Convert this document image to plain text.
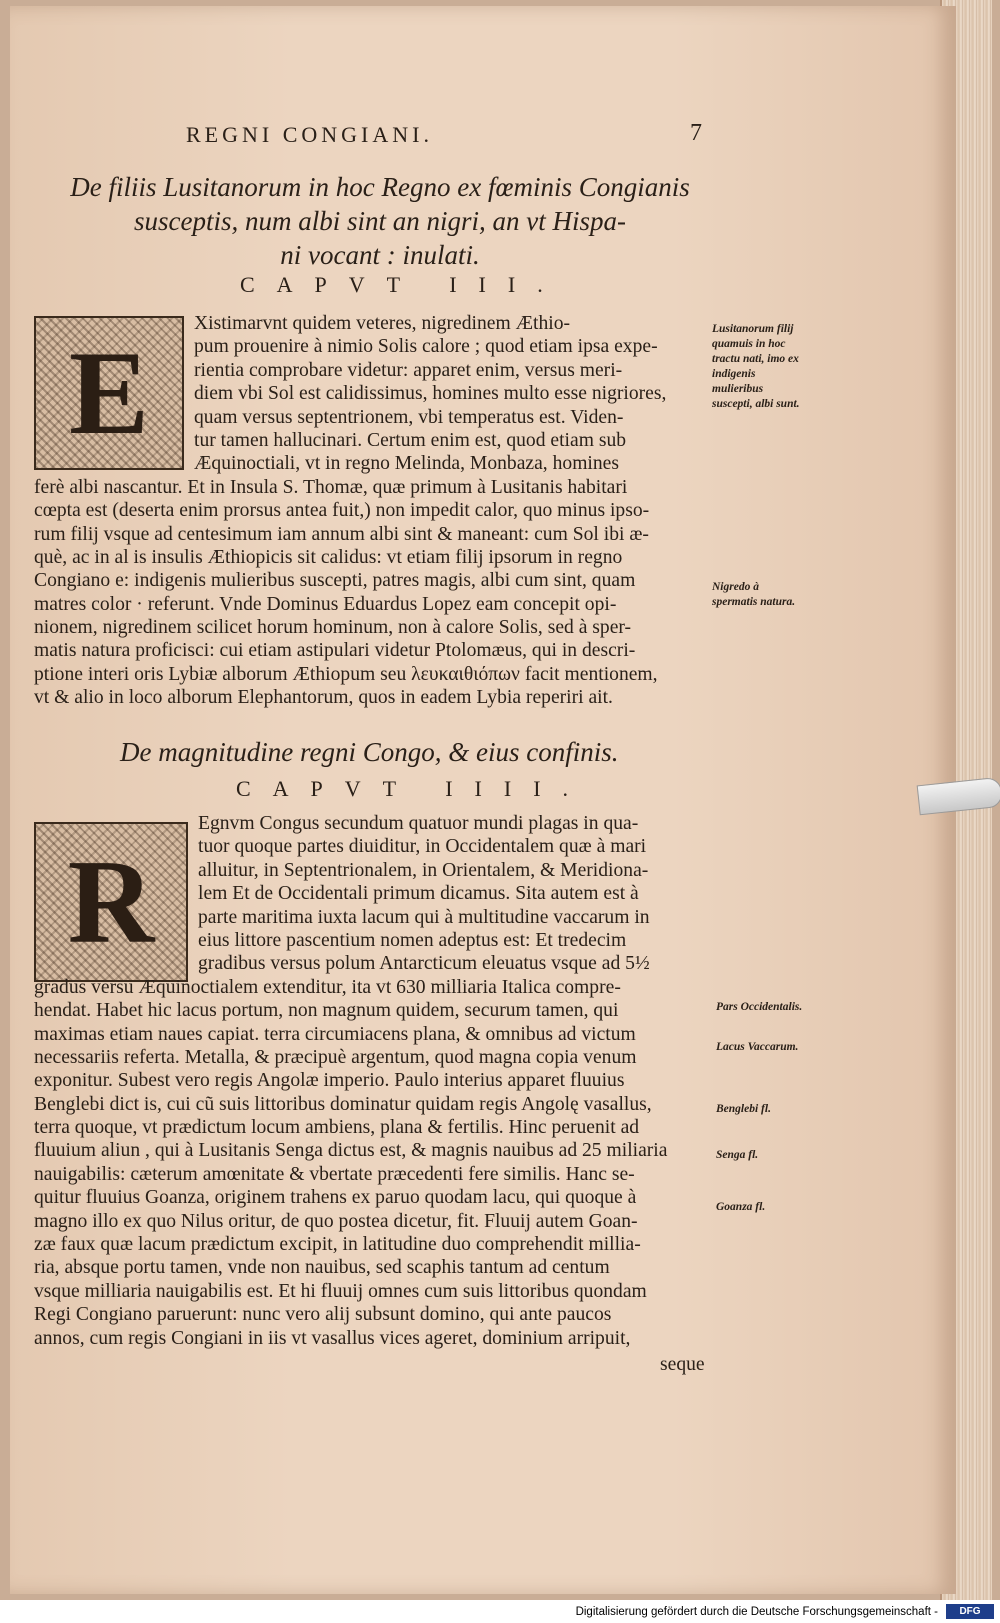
REGNI CONGIANI.	7
De filiis Lusitanorum in hoc Regno ex fœminis Congianis
susceptis, num albi sint an nigri, an vt Hispa-
ni vocant : inulati.
CAPVT III.
E
Xistimarvnt quidem veteres, nigredinem Æthio-
pum prouenire à nimio Solis calore ; quod etiam ipsa expe-
rientia comprobare videtur: apparet enim, versus meri-
diem vbi Sol est calidissimus, homines multo esse nigriores,
quam versus septentrionem, vbi temperatus est. Viden-
tur tamen hallucinari. Certum enim est, quod etiam sub
Æquinoctiali, vt in regno Melinda, Monbaza, homines
ferè albi nascantur. Et in Insula S. Thomæ, quæ primum à Lusitanis habitari
cœpta est (deserta enim prorsus antea fuit,) non impedit calor, quo minus ipso-
rum filij vsque ad centesimum iam annum albi sint & maneant: cum Sol ibi æ-
què, ac in al is insulis Æthiopicis sit calidus: vt etiam filij ipsorum in regno
Congiano e: indigenis mulieribus suscepti, patres magis, albi cum sint, quam
matres color · referunt. Vnde Dominus Eduardus Lopez eam concepit opi-
nionem, nigredinem scilicet horum hominum, non à calore Solis, sed à sper-
matis natura proficisci: cui etiam astipulari videtur Ptolomæus, qui in descri-
ptione interi oris Lybiæ alborum Æthiopum seu λευκαιθιόπων facit mentionem,
vt & alio in loco alborum Elephantorum, quos in eadem Lybia reperiri ait.
Lusitanorum filij quamuis in hoc tractu nati, imo ex indigenis mulieribus suscepti, albi sunt.
Nigredo à spermatis natura.
De magnitudine regni Congo, & eius confinis.
CAPVT IIII.
R
Egnvm Congus secundum quatuor mundi plagas in qua-
tuor quoque partes diuiditur, in Occidentalem quæ à mari
alluitur, in Septentrionalem, in Orientalem, & Meridiona-
lem Et de Occidentali primum dicamus. Sita autem est à
parte maritima iuxta lacum qui à multitudine vaccarum in
eius littore pascentium nomen adeptus est: Et tredecim
gradibus versus polum Antarcticum eleuatus vsque ad 5½
gradus versu Æquinoctialem extenditur, ita vt 630 milliaria Italica compre-
hendat. Habet hic lacus portum, non magnum quidem, securum tamen, qui
maximas etiam naues capiat. terra circumiacens plana, & omnibus ad victum
necessariis referta. Metalla, & præcipuè argentum, quod magna copia venum
exponitur. Subest vero regis Angolæ imperio. Paulo interius apparet fluuius
Benglebi dict is, cui cũ suis littoribus dominatur quidam regis Angolę vasallus,
terra quoque, vt prædictum locum ambiens, plana & fertilis. Hinc peruenit ad
fluuium aliun , qui à Lusitanis Senga dictus est, & magnis nauibus ad 25 miliaria
nauigabilis: cæterum amœnitate & vbertate præcedenti fere similis. Hanc se-
quitur fluuius Goanza, originem trahens ex paruo quodam lacu, qui quoque à
magno illo ex quo Nilus oritur, de quo postea dicetur, fit. Fluuij autem Goan-
zæ faux quæ lacum prædictum excipit, in latitudine duo comprehendit millia-
ria, absque portu tamen, vnde non nauibus, sed scaphis tantum ad centum
vsque milliaria nauigabilis est. Et hi fluuij omnes cum suis littoribus quondam
Regi Congiano paruerunt: nunc vero alij subsunt domino, qui ante paucos
annos, cum regis Congiani in iis vt vasallus vices ageret, dominium arripuit,
seque
Pars Occidentalis.
Lacus Vaccarum.
Benglebi fl.
Senga fl.
Goanza fl.
Digitalisierung gefördert durch die Deutsche Forschungsgemeinschaft -	DFG
